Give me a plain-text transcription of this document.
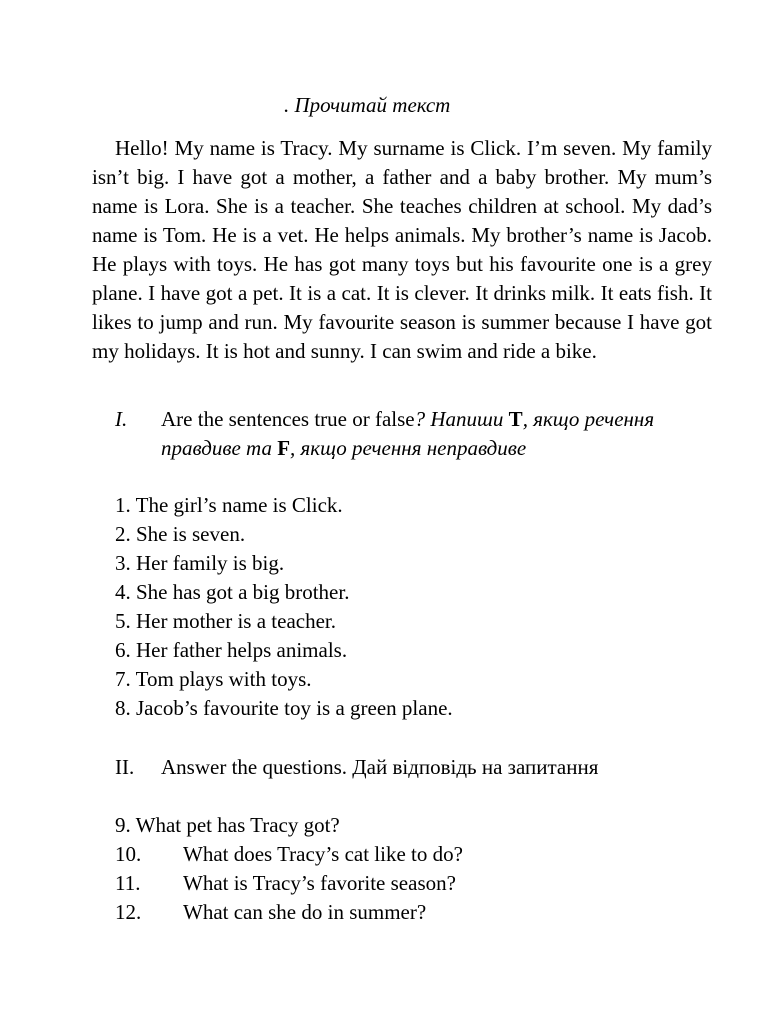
. Прочитай текст

Hello! My name is Tracy. My surname is Click. I’m seven. My family isn’t big. I have got a mother, a father and a baby brother. My mum’s name is Lora. She is a teacher. She teaches children at school. My dad’s name is Tom. He is a vet. He helps animals. My brother’s name is Jacob. He plays with toys. He has got many toys but his favourite one is a grey plane. I have got a pet. It is a cat. It is clever. It drinks milk. It eats fish. It likes to jump and run. My favourite season is summer because I have got my holidays. It is hot and sunny. I can swim and ride a bike.

I. Are the sentences true or false? Напиши T, якщо речення правдиве та F, якщо речення неправдиве
1. The girl’s name is Click.
2. She is seven.
3. Her family is big.
4. She has got a big brother.
5. Her mother is a teacher.
6. Her father helps animals.
7. Tom plays with toys.
8. Jacob’s favourite toy is a green plane.
II. Answer the questions. Дай відповідь на запитання
9. What pet has Tracy got?
10. What does Tracy’s cat like to do?
11. What is Tracy’s favorite season?
12. What can she do in summer?
